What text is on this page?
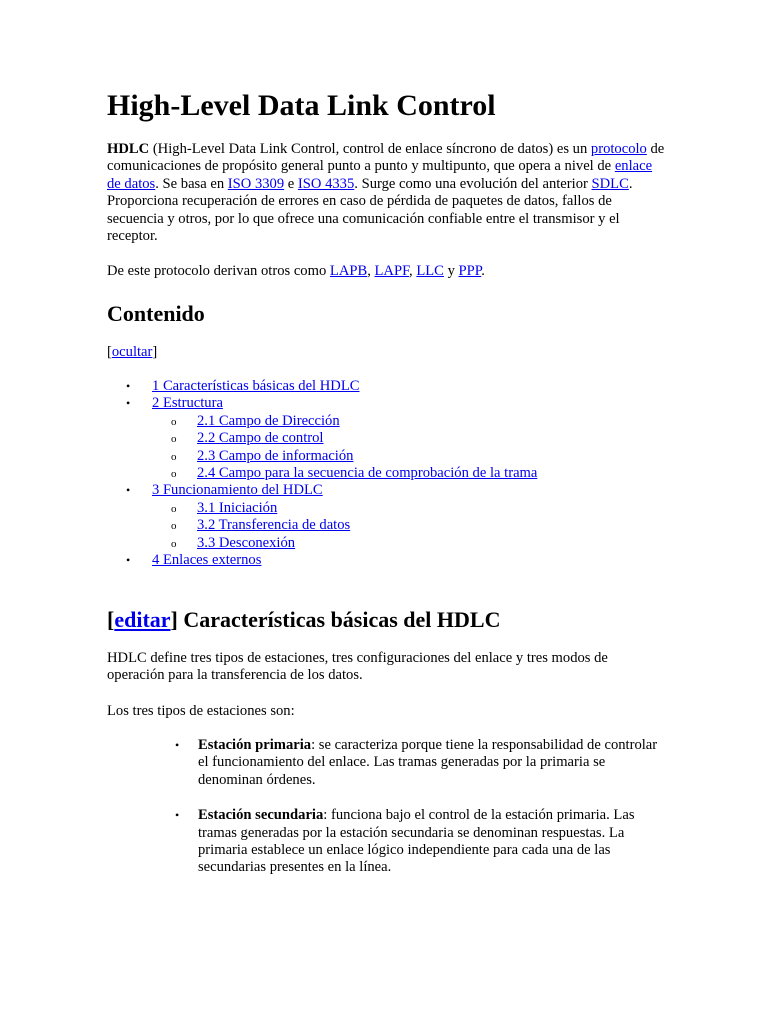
High-Level Data Link Control

HDLC (High-Level Data Link Control, control de enlace síncrono de datos) es un protocolo de comunicaciones de propósito general punto a punto y multipunto, que opera a nivel de enlace de datos. Se basa en ISO 3309 e ISO 4335. Surge como una evolución del anterior SDLC. Proporciona recuperación de errores en caso de pérdida de paquetes de datos, fallos de secuencia y otros, por lo que ofrece una comunicación confiable entre el transmisor y el receptor.

De este protocolo derivan otros como LAPB, LAPF, LLC y PPP.

Contenido

[ocultar]

• 1 Características básicas del HDLC
• 2 Estructura
o 2.1 Campo de Dirección
o 2.2 Campo de control
o 2.3 Campo de información
o 2.4 Campo para la secuencia de comprobación de la trama
• 3 Funcionamiento del HDLC
o 3.1 Iniciación
o 3.2 Transferencia de datos
o 3.3 Desconexión
• 4 Enlaces externos
[editar] Características básicas del HDLC

HDLC define tres tipos de estaciones, tres configuraciones del enlace y tres modos de operación para la transferencia de los datos.

Los tres tipos de estaciones son:

• Estación primaria: se caracteriza porque tiene la responsabilidad de controlar el funcionamiento del enlace. Las tramas generadas por la primaria se denominan órdenes.
• Estación secundaria: funciona bajo el control de la estación primaria. Las tramas generadas por la estación secundaria se denominan respuestas. La primaria establece un enlace lógico independiente para cada una de las secundarias presentes en la línea.
